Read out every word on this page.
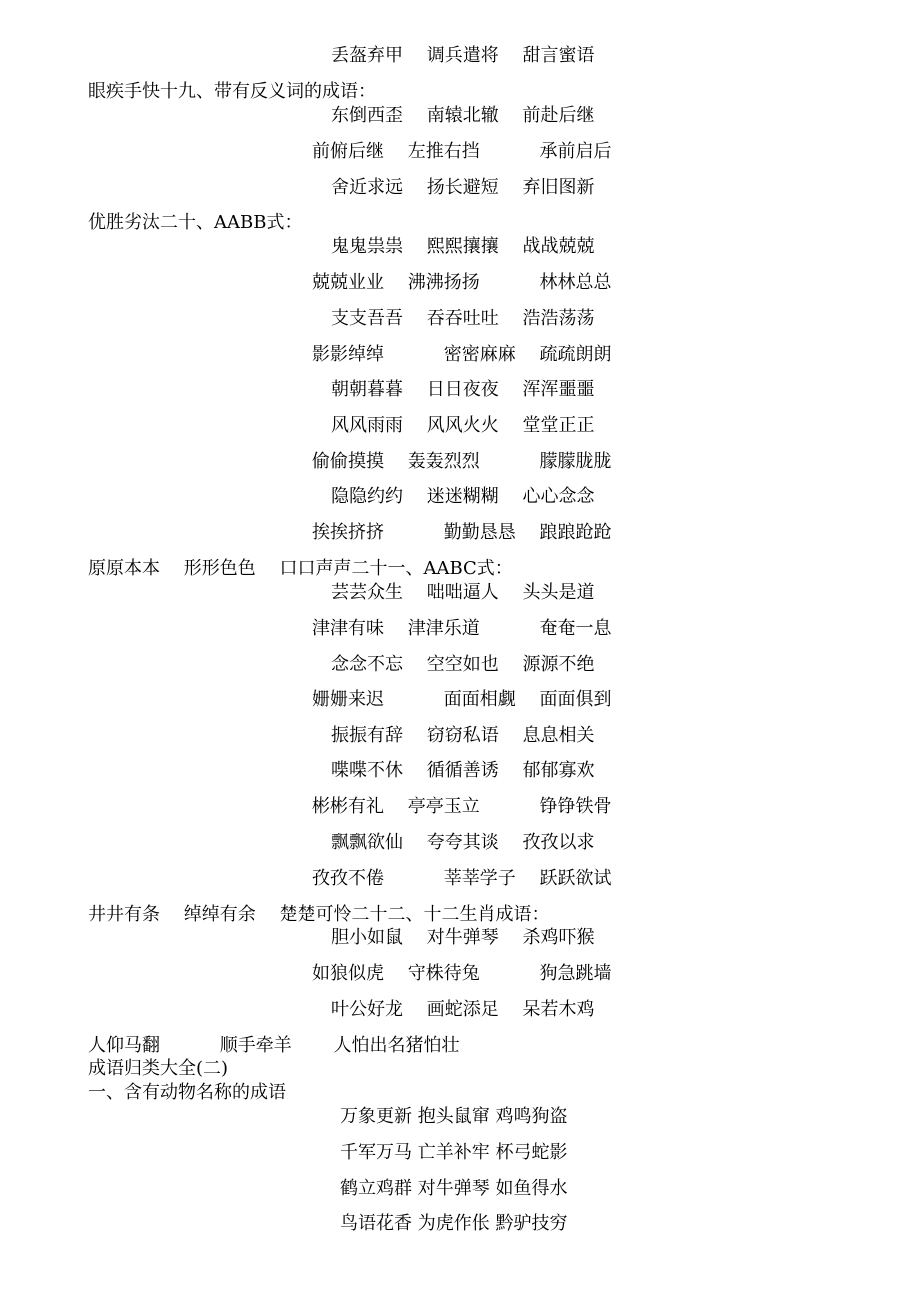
丢盔弃甲　 调兵遣将　 甜言蜜语
眼疾手快十九、带有反义词的成语：
东倒西歪　 南辕北辙　 前赴后继
前俯后继　 左推右挡　　　 承前启后
舍近求远　 扬长避短　 弃旧图新
优胜劣汰二十、AABB式：
鬼鬼祟祟　 熙熙攘攘　 战战兢兢
兢兢业业　 沸沸扬扬　　　 林林总总
支支吾吾　 吞吞吐吐　 浩浩荡荡
影影绰绰　　　 密密麻麻　 疏疏朗朗
朝朝暮暮　 日日夜夜　 浑浑噩噩
风风雨雨　 风风火火　 堂堂正正
偷偷摸摸　 轰轰烈烈　　　 朦朦胧胧
隐隐约约　 迷迷糊糊　 心心念念
挨挨挤挤　　　 勤勤恳恳　 踉踉跄跄
原原本本　 形形色色　 口口声声二十一、AABC式：
芸芸众生　 咄咄逼人　 头头是道
津津有味　 津津乐道　　　 奄奄一息
念念不忘　 空空如也　 源源不绝
姗姗来迟　　　 面面相觑　 面面俱到
振振有辞　 窃窃私语　 息息相关
喋喋不休　 循循善诱　 郁郁寡欢
彬彬有礼　 亭亭玉立　　　 铮铮铁骨
飘飘欲仙　 夸夸其谈　 孜孜以求
孜孜不倦　　　 莘莘学子　 跃跃欲试
井井有条　 绰绰有余　 楚楚可怜二十二、十二生肖成语：
胆小如鼠　 对牛弹琴　 杀鸡吓猴
如狼似虎　 守株待兔　　　 狗急跳墙
叶公好龙　 画蛇添足　 呆若木鸡
人仰马翻　　　 顺手牵羊　　 人怕出名猪怕壮
成语归类大全(二)
一、含有动物名称的成语
万象更新 抱头鼠窜 鸡鸣狗盗
千军万马 亡羊补牢 杯弓蛇影
鹤立鸡群 对牛弹琴 如鱼得水
鸟语花香 为虎作伥 黔驴技穷
